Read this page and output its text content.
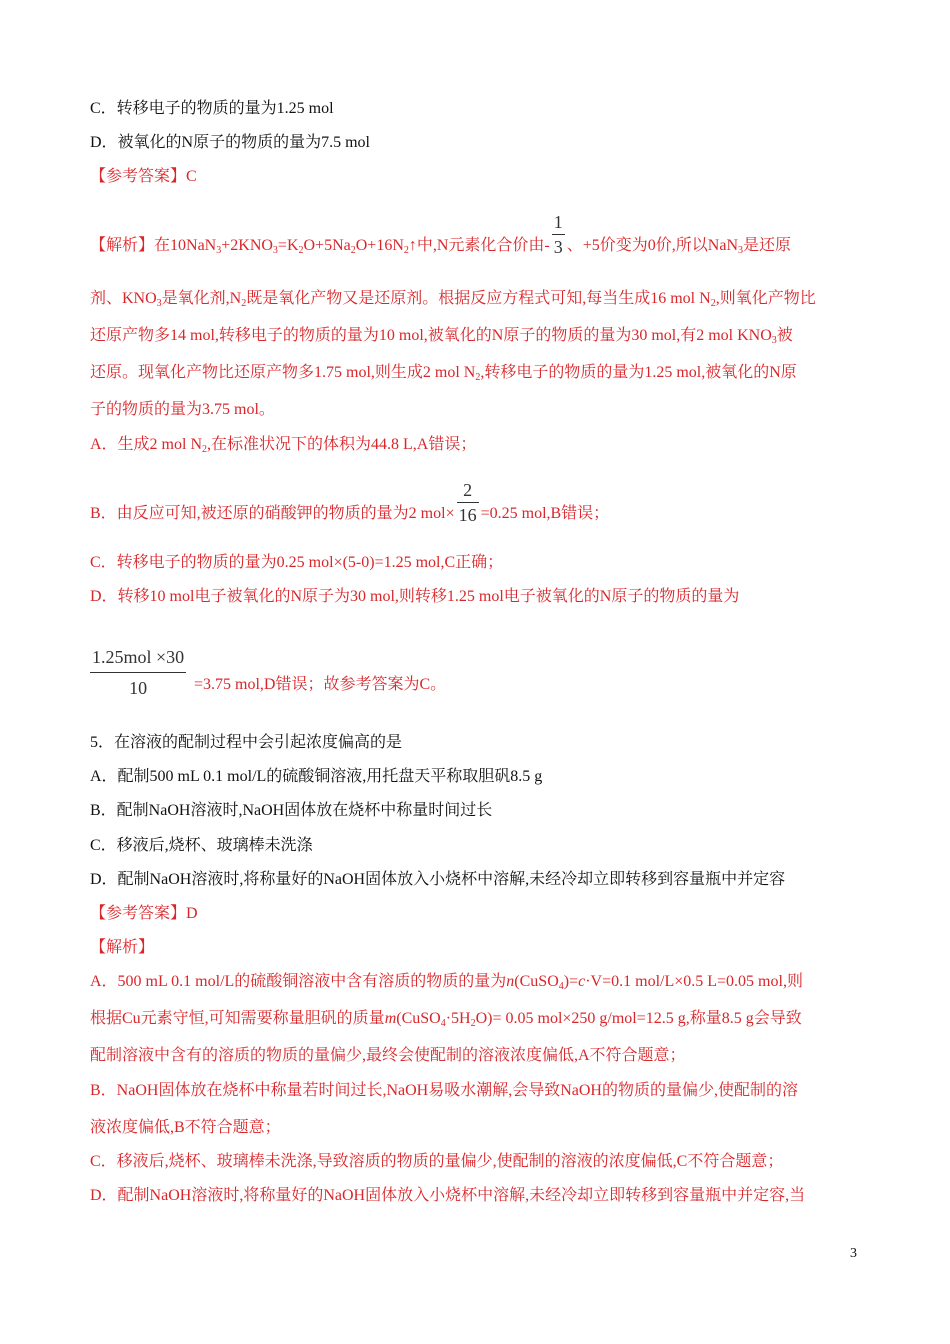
C．转移电子的物质的量为1.25 mol
D．被氧化的N原子的物质的量为7.5 mol
【参考答案】C
【解析】在$10NaN_3+2KNO_3=K_2O+5Na_2O+16N_2↑$中,N元素化合价由- $\frac{1}{3}$ 、+5价变为0价,所以NaN$_3$是还原
剂、$KNO_3$是氧化剂$,N_2$既是氧化产物又是还原剂。根据反应方程式可知,每当生成16 mol $N_2$,则氧化产物比
还原产物多14 mol,转移电子的物质的量为10 mol,被氧化的N原子的物质的量为30 mol,有2 mol $KNO_3$被
还原。现氧化产物比还原产物多1.75 mol,则生成2 mol $N_2$,转移电子的物质的量为1.25 mol,被氧化的N原
子的物质的量为3.75 mol。
A．生成2 mol $N_2$,在标准状况下的体积为44.8 L,A错误；
B．由反应可知,被还原的硝酸钾的物质的量为2 $mol\times \frac{2}{16} =0.25$ mol,B错误；
C．转移电子的物质的量为0.25 mol×(5-0)=1.25 mol,C正确；
D．转移10 mol电子被氧化的N原子为30 mol,则转移1.25 mol电子被氧化的N原子的物质的量为
1.25mol ×30
10	=3.75 mol,D错误；故参考答案为C。
5．在溶液的配制过程中会引起浓度偏高的是
A．配制500 mL 0.1 mol/L的硫酸铜溶液,用托盘天平称取胆矾8.5 g
B．配制NaOH溶液时,NaOH固体放在烧杯中称量时间过长
C．移液后,烧杯、玻璃棒未洗涤
D．配制NaOH溶液时,将称量好的NaOH固体放入小烧杯中溶解,未经冷却立即转移到容量瓶中并定容
【参考答案】D
【解析】
A．500 mL 0.1 mol/L的硫酸铜溶液中含有溶质的物质的量为n(CuSO$_4$)=c·V=0.1 mol/L×0.5 L=0.05 mol,则
根据Cu元素守恒,可知需要称量胆矾的质量$m(CuSO_4\cdot 5H_2O)= 0.05$ mol×250 g/mol=12.5 g,称量8.5 g会导致
配制溶液中含有的溶质的物质的量偏少,最终会使配制的溶液浓度偏低,A不符合题意；
B．NaOH固体放在烧杯中称量若时间过长,NaOH易吸水潮解,会导致NaOH的物质的量偏少,使配制的溶
液浓度偏低,B不符合题意；
C．移液后,烧杯、玻璃棒未洗涤,导致溶质的物质的量偏少,使配制的溶液的浓度偏低,C不符合题意；
D．配制NaOH溶液时,将称量好的NaOH固体放入小烧杯中溶解,未经冷却立即转移到容量瓶中并定容,当
3
